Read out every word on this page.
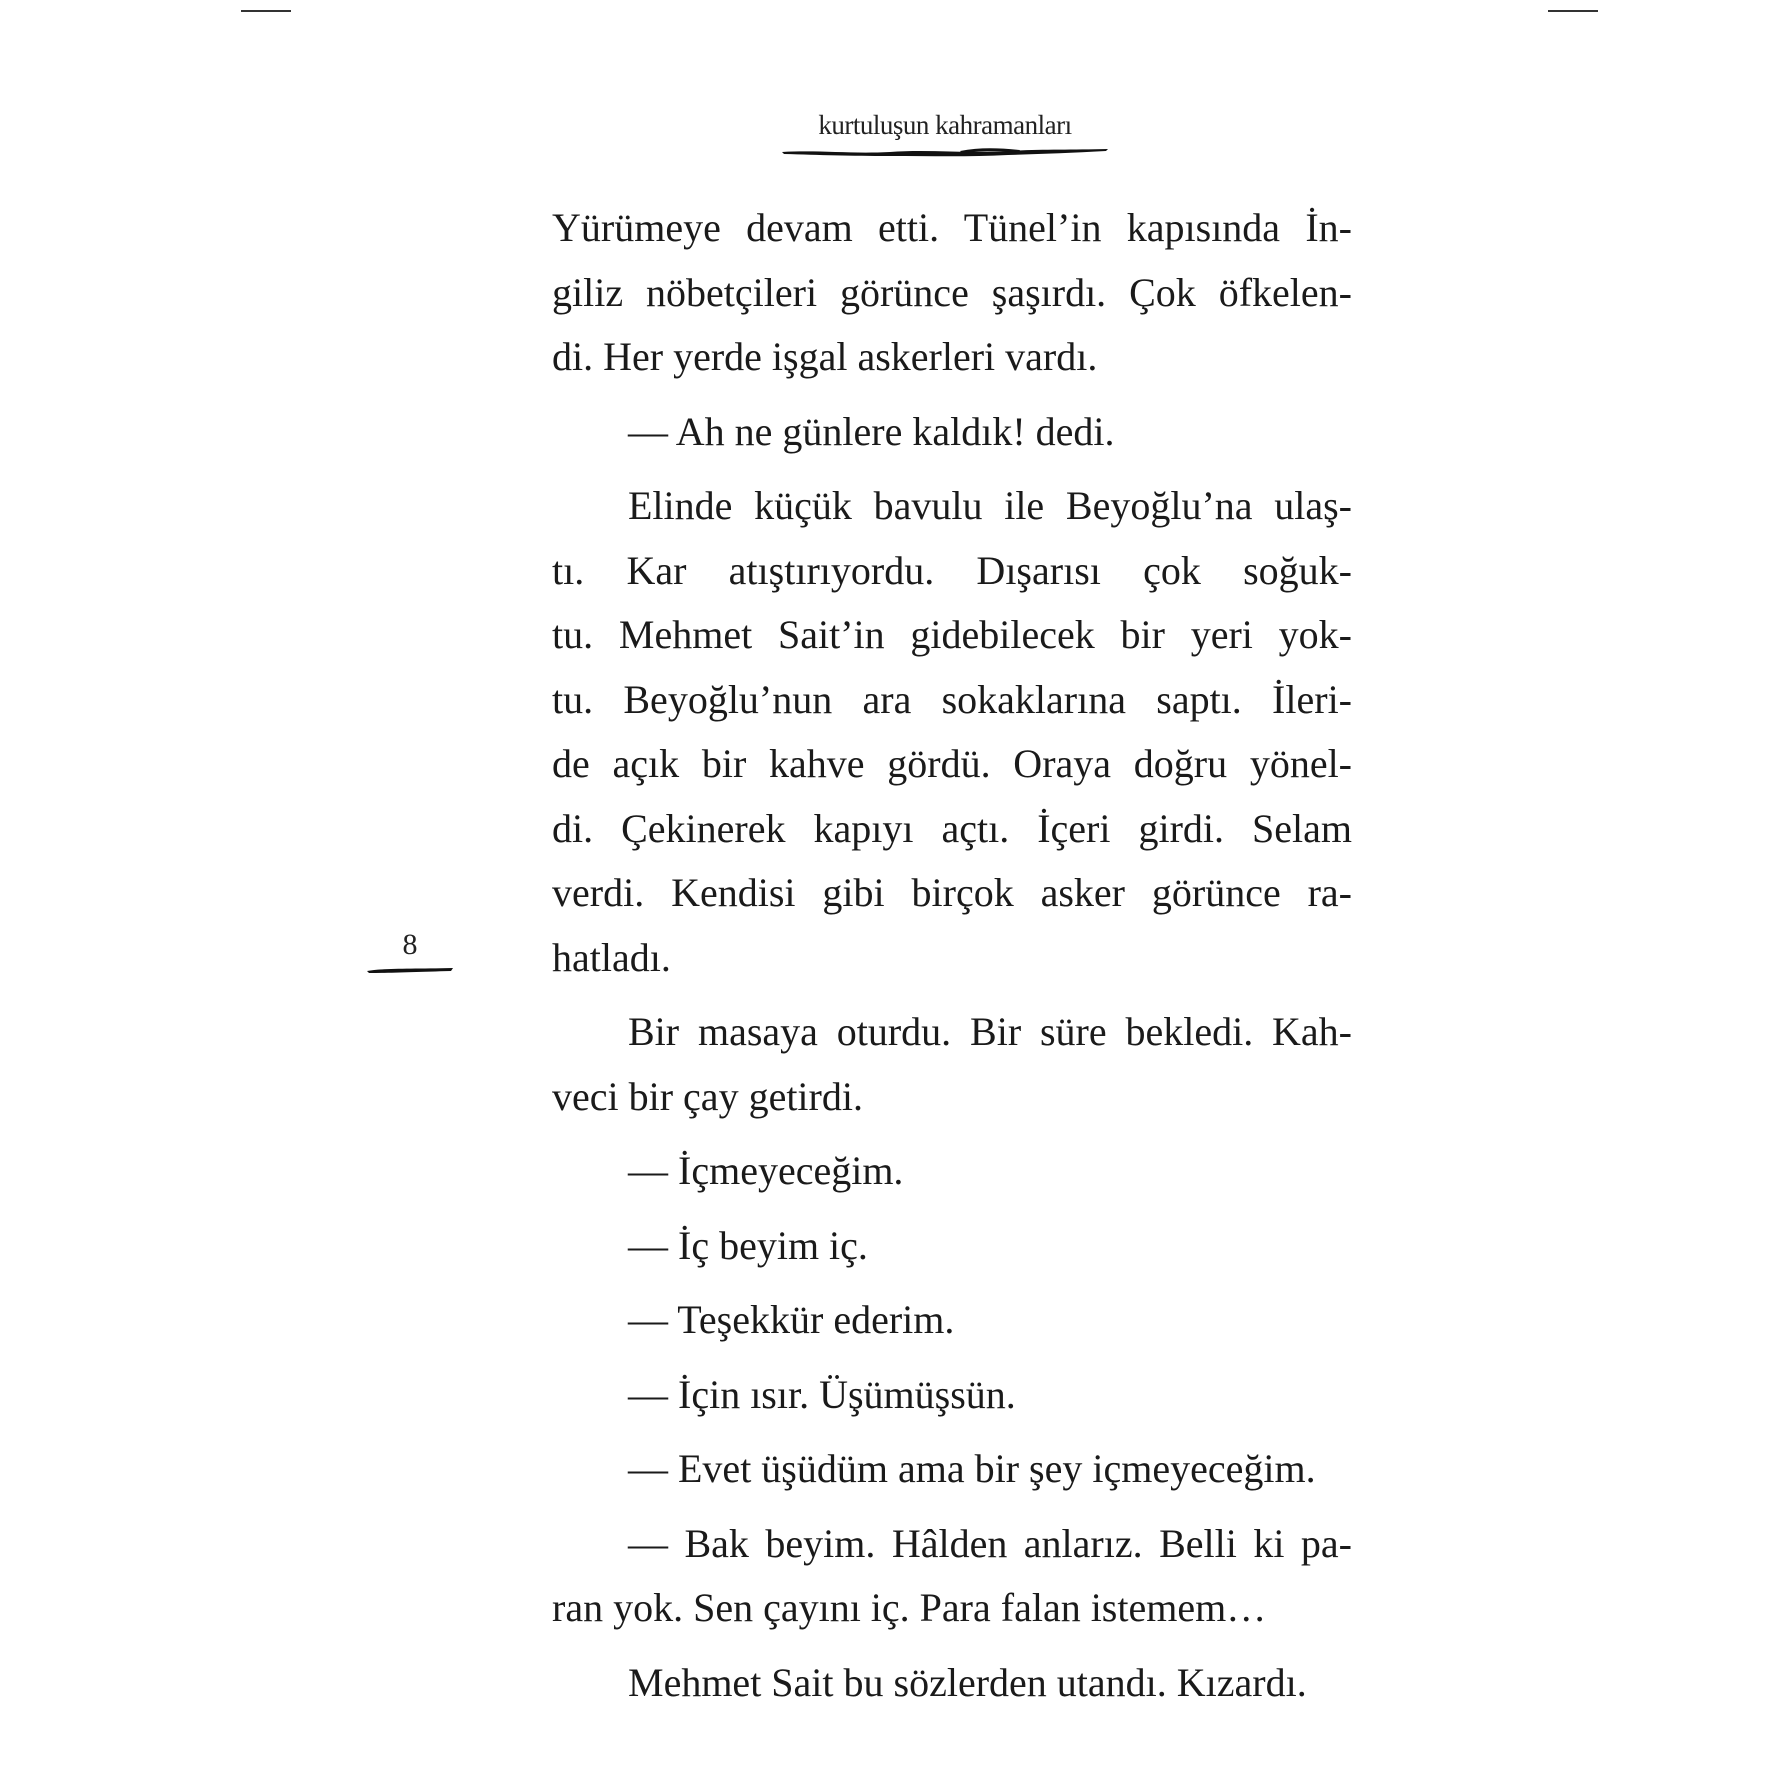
kurtuluşun kahramanları
8
Yürümeye devam etti. Tünel’in kapısında İn-
giliz nöbetçileri görünce şaşırdı. Çok öfkelen-
di. Her yerde işgal askerleri vardı.
— Ah ne günlere kaldık! dedi.
Elinde küçük bavulu ile Beyoğlu’na ulaş-
tı. Kar atıştırıyordu. Dışarısı çok soğuk-
tu. Mehmet Sait’in gidebilecek bir yeri yok-
tu. Beyoğlu’nun ara sokaklarına saptı. İleri-
de açık bir kahve gördü. Oraya doğru yönel-
di. Çekinerek kapıyı açtı. İçeri girdi. Selam
verdi. Kendisi gibi birçok asker görünce ra-
hatladı.
Bir masaya oturdu. Bir süre bekledi. Kah-
veci bir çay getirdi.
— İçmeyeceğim.
— İç beyim iç.
— Teşekkür ederim.
— İçin ısır. Üşümüşsün.
— Evet üşüdüm ama bir şey içmeyeceğim.
— Bak beyim. Hâlden anlarız. Belli ki pa-
ran yok. Sen çayını iç. Para falan istemem…
Mehmet Sait bu sözlerden utandı. Kızardı.
